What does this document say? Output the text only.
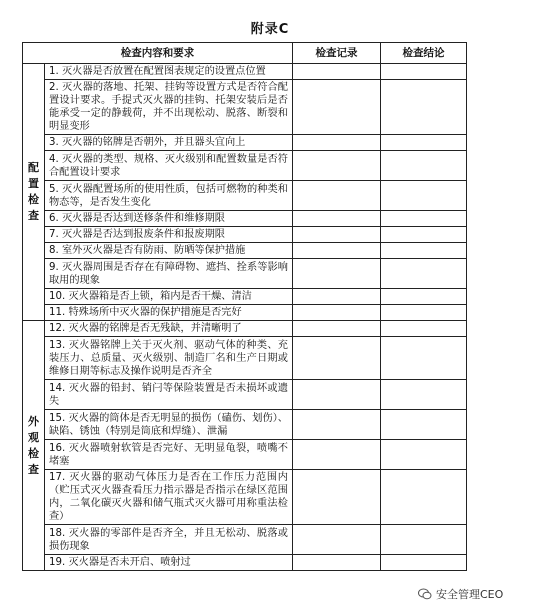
附录C
检查内容和要求		检查记录	检查结论

配置检查	1. 灭火器是否放置在配置图表规定的设置点位置		
	2. 灭火器的落地、托架、挂钩等设置方式是否符合配置设计要求。手提式灭火器的挂钩、托架安装后是否能承受一定的静载荷，并不出现松动、脱落、断裂和明显变形		
	3. 灭火器的铭牌是否朝外，并且器头宜向上		
	4. 灭火器的类型、规格、灭火级别和配置数量是否符合配置设计要求		
	5. 灭火器配置场所的使用性质，包括可燃物的种类和物态等，是否发生变化		
	6. 灭火器是否达到送修条件和维修期限		
	7. 灭火器是否达到报废条件和报废期限		
	8. 室外灭火器是否有防雨、防晒等保护措施		
	9. 灭火器周围是否存在有障碍物、遮挡、拴系等影响取用的现象		
	10. 灭火器箱是否上锁，箱内是否干燥、清洁		
	11. 特殊场所中灭火器的保护措施是否完好		

外观检查	12. 灭火器的铭牌是否无残缺，并清晰明了		
	13. 灭火器铭牌上关于灭火剂、驱动气体的种类、充装压力、总质量、灭火级别、制造厂名和生产日期或维修日期等标志及操作说明是否齐全		
	14. 灭火器的铅封、销闩等保险装置是否未损坏或遗失		
	15. 灭火器的筒体是否无明显的损伤（磕伤、划伤）、缺陷、锈蚀（特别是筒底和焊缝）、泄漏		
	16. 灭火器喷射软管是否完好、无明显龟裂，喷嘴不堵塞		
	17. 灭火器的驱动气体压力是否在工作压力范围内（贮压式灭火器查看压力指示器是否指示在绿区范围内，二氧化碳灭火器和储气瓶式灭火器可用称重法检查）		
	18. 灭火器的零部件是否齐全，并且无松动、脱落或损伤现象		
	19. 灭火器是否未开启、喷射过		
安全管理CEO
